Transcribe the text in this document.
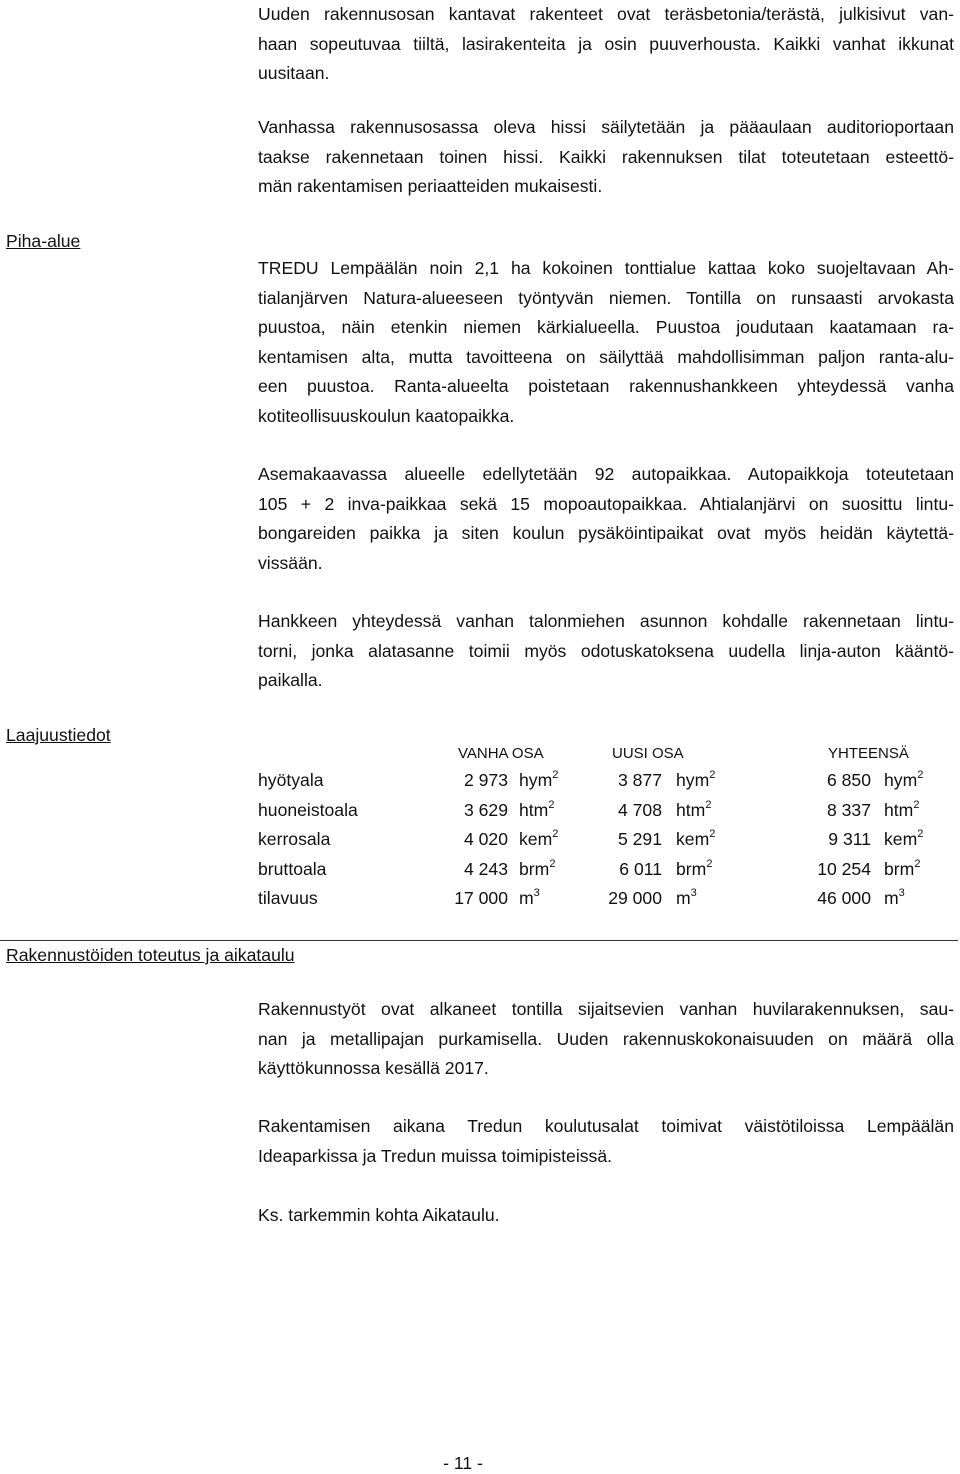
Uuden rakennusosan kantavat rakenteet ovat teräsbetonia/terästä, julkisivut van-
haan sopeutuvaa tiiltä, lasirakenteita ja osin puuverhousta. Kaikki vanhat ikkunat
uusitaan.

Vanhassa rakennusosassa oleva hissi säilytetään ja pääaulaan auditorioportaan
taakse rakennetaan toinen hissi. Kaikki rakennuksen tilat toteutetaan esteettö-
män rakentamisen periaatteiden mukaisesti.

Piha-alue

TREDU Lempäälän noin 2,1 ha kokoinen tonttialue kattaa koko suojeltavaan Ah-
tialanjärven Natura-alueeseen työntyvän niemen. Tontilla on runsaasti arvokasta
puustoa, näin etenkin niemen kärkialueella. Puustoa joudutaan kaatamaan ra-
kentamisen alta, mutta tavoitteena on säilyttää mahdollisimman paljon ranta-alu-
een puustoa. Ranta-alueelta poistetaan rakennushankkeen yhteydessä vanha
kotiteollisuuskoulun kaatopaikka.

Asemakaavassa alueelle edellytetään 92 autopaikkaa. Autopaikkoja toteutetaan
105 + 2 inva-paikkaa sekä 15 mopoautopaikkaa. Ahtialanjärvi on suosittu lintu-
bongareiden paikka ja siten koulun pysäköintipaikat ovat myös heidän käytettä-
vissään.

Hankkeen yhteydessä vanhan talonmiehen asunnon kohdalle rakennetaan lintu-
torni, jonka alatasanne toimii myös odotuskatoksena uudella linja-auton kääntö-
paikalla.

Laajuustiedot
VANHA OSA	UUSI OSA	YHTEENSÄ
hyötyala	2 973 hym$^2$	3 877 hym$^2$	6 850 hym$^2$
huoneistoala	3 629 htm$^2$	4 708 htm$^2$	8 337 htm$^2$
kerrosala	4 020 kem$^2$	5 291 kem$^2$	9 311 kem$^2$
bruttoala	4 243 brm$^2$	6 011 brm$^2$	10 254 brm$^2$
tilavuus	17 000 $m^3$	29 000 $m^3$	46 000 $m^3$
Rakennustöiden toteutus ja aikataulu

Rakennustyöt ovat alkaneet tontilla sijaitsevien vanhan huvilarakennuksen, sau-
nan ja metallipajan purkamisella. Uuden rakennuskokonaisuuden on määrä olla
käyttökunnossa kesällä 2017.

Rakentamisen aikana Tredun koulutusalat toimivat väistötiloissa Lempäälän
Ideaparkissa ja Tredun muissa toimipisteissä.

Ks. tarkemmin kohta Aikataulu.

- 11 -
